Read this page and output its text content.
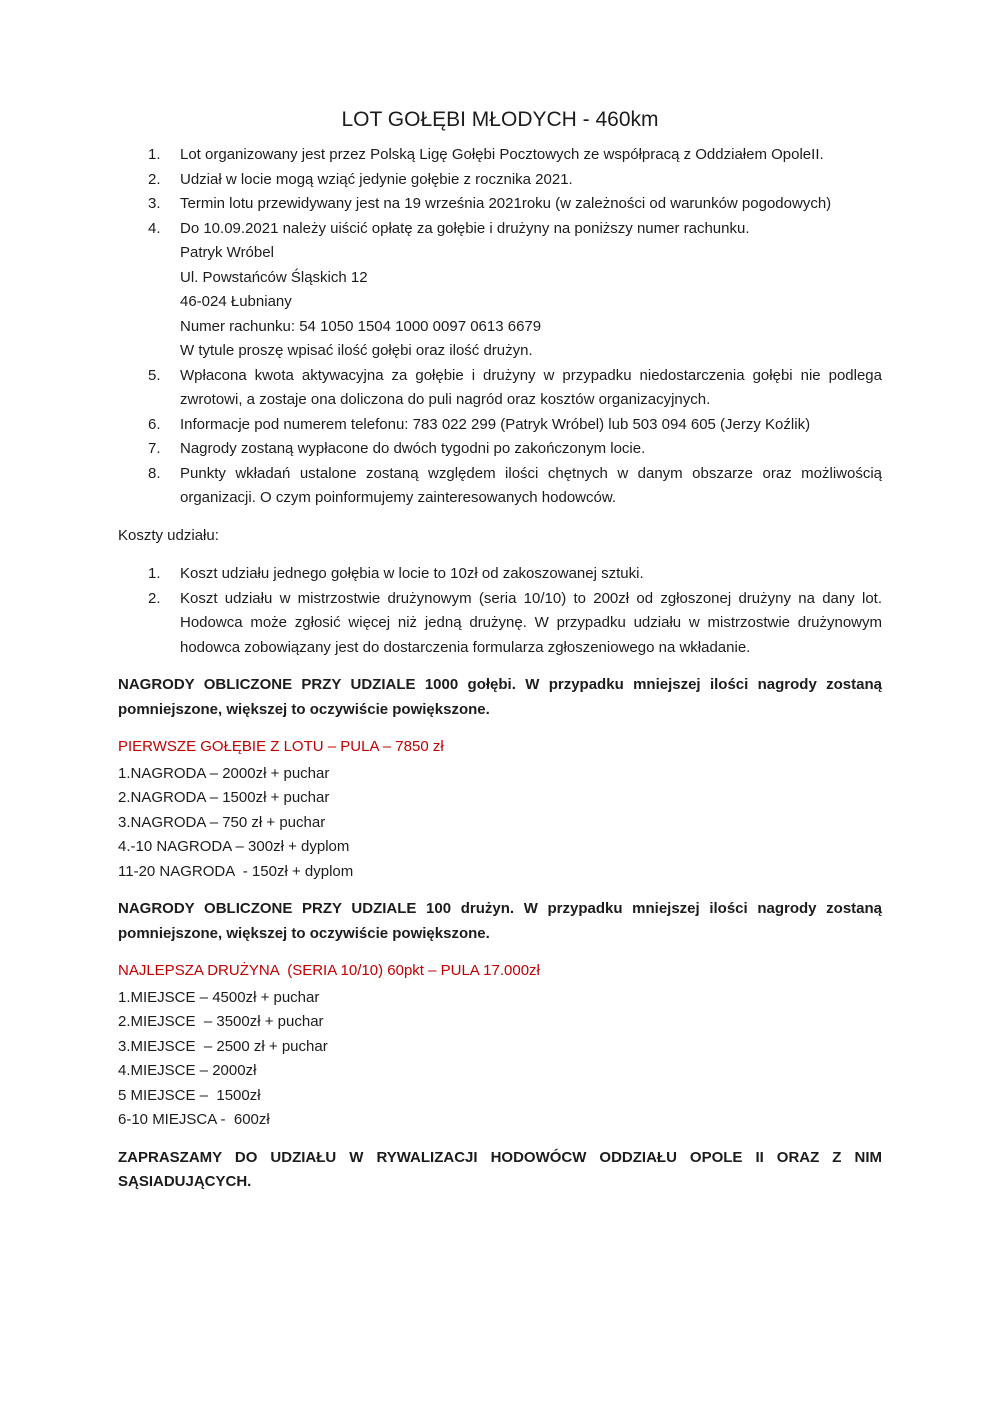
LOT GOŁĘBI MŁODYCH - 460km
1.	Lot organizowany jest przez Polską Ligę Gołębi Pocztowych ze współpracą z Oddziałem OpoleII.
2.	Udział w locie mogą wziąć jedynie gołębie z rocznika 2021.
3.	Termin lotu przewidywany jest na 19 września 2021roku (w zależności od warunków pogodowych)
4.	Do 10.09.2021 należy uiścić opłatę za gołębie i drużyny na poniższy numer rachunku.
Patryk Wróbel
Ul. Powstańców Śląskich 12
46-024 Łubniany
Numer rachunku: 54 1050 1504 1000 0097 0613 6679
W tytule proszę wpisać ilość gołębi oraz ilość drużyn.
5.	Wpłacona kwota aktywacyjna za gołębie i drużyny w przypadku niedostarczenia gołębi nie podlega zwrotowi, a zostaje ona doliczona do puli nagród oraz kosztów organizacyjnych.
6.	Informacje pod numerem telefonu: 783 022 299 (Patryk Wróbel) lub 503 094 605 (Jerzy Koźlik)
7.	Nagrody zostaną wypłacone do dwóch tygodni po zakończonym locie.
8.	Punkty wkładań ustalone zostaną względem ilości chętnych w danym obszarze oraz możliwością organizacji. O czym poinformujemy zainteresowanych hodowców.

Koszty udziału:

1.	Koszt udziału jednego gołębia w locie to 10zł od zakoszowanej sztuki.
2.	Koszt udziału w mistrzostwie drużynowym (seria 10/10) to 200zł od zgłoszonej drużyny na dany lot. Hodowca może zgłosić więcej niż jedną drużynę. W przypadku udziału w mistrzostwie drużynowym hodowca zobowiązany jest do dostarczenia formularza zgłoszeniowego na wkładanie.

NAGRODY OBLICZONE PRZY UDZIALE 1000 gołębi. W przypadku mniejszej ilości nagrody zostaną pomniejszone, większej to oczywiście powiększone.

PIERWSZE GOŁĘBIE Z LOTU – PULA – 7850 zł

1.NAGRODA – 2000zł + puchar

2.NAGRODA – 1500zł + puchar

3.NAGRODA – 750 zł + puchar

4.-10 NAGRODA – 300zł + dyplom

11-20 NAGRODA  - 150zł + dyplom

NAGRODY OBLICZONE PRZY UDZIALE 100 drużyn. W przypadku mniejszej ilości nagrody zostaną pomniejszone, większej to oczywiście powiększone.

NAJLEPSZA DRUŻYNA  (SERIA 10/10) 60pkt – PULA 17.000zł

1.MIEJSCE – 4500zł + puchar

2.MIEJSCE  – 3500zł + puchar

3.MIEJSCE  – 2500 zł + puchar

4.MIEJSCE – 2000zł

5 MIEJSCE –  1500zł

6-10 MIEJSCA -  600zł

ZAPRASZAMY DO UDZIAŁU W RYWALIZACJI HODOWÓCW ODDZIAŁU OPOLE II ORAZ Z NIM SĄSIADUJĄCYCH.
